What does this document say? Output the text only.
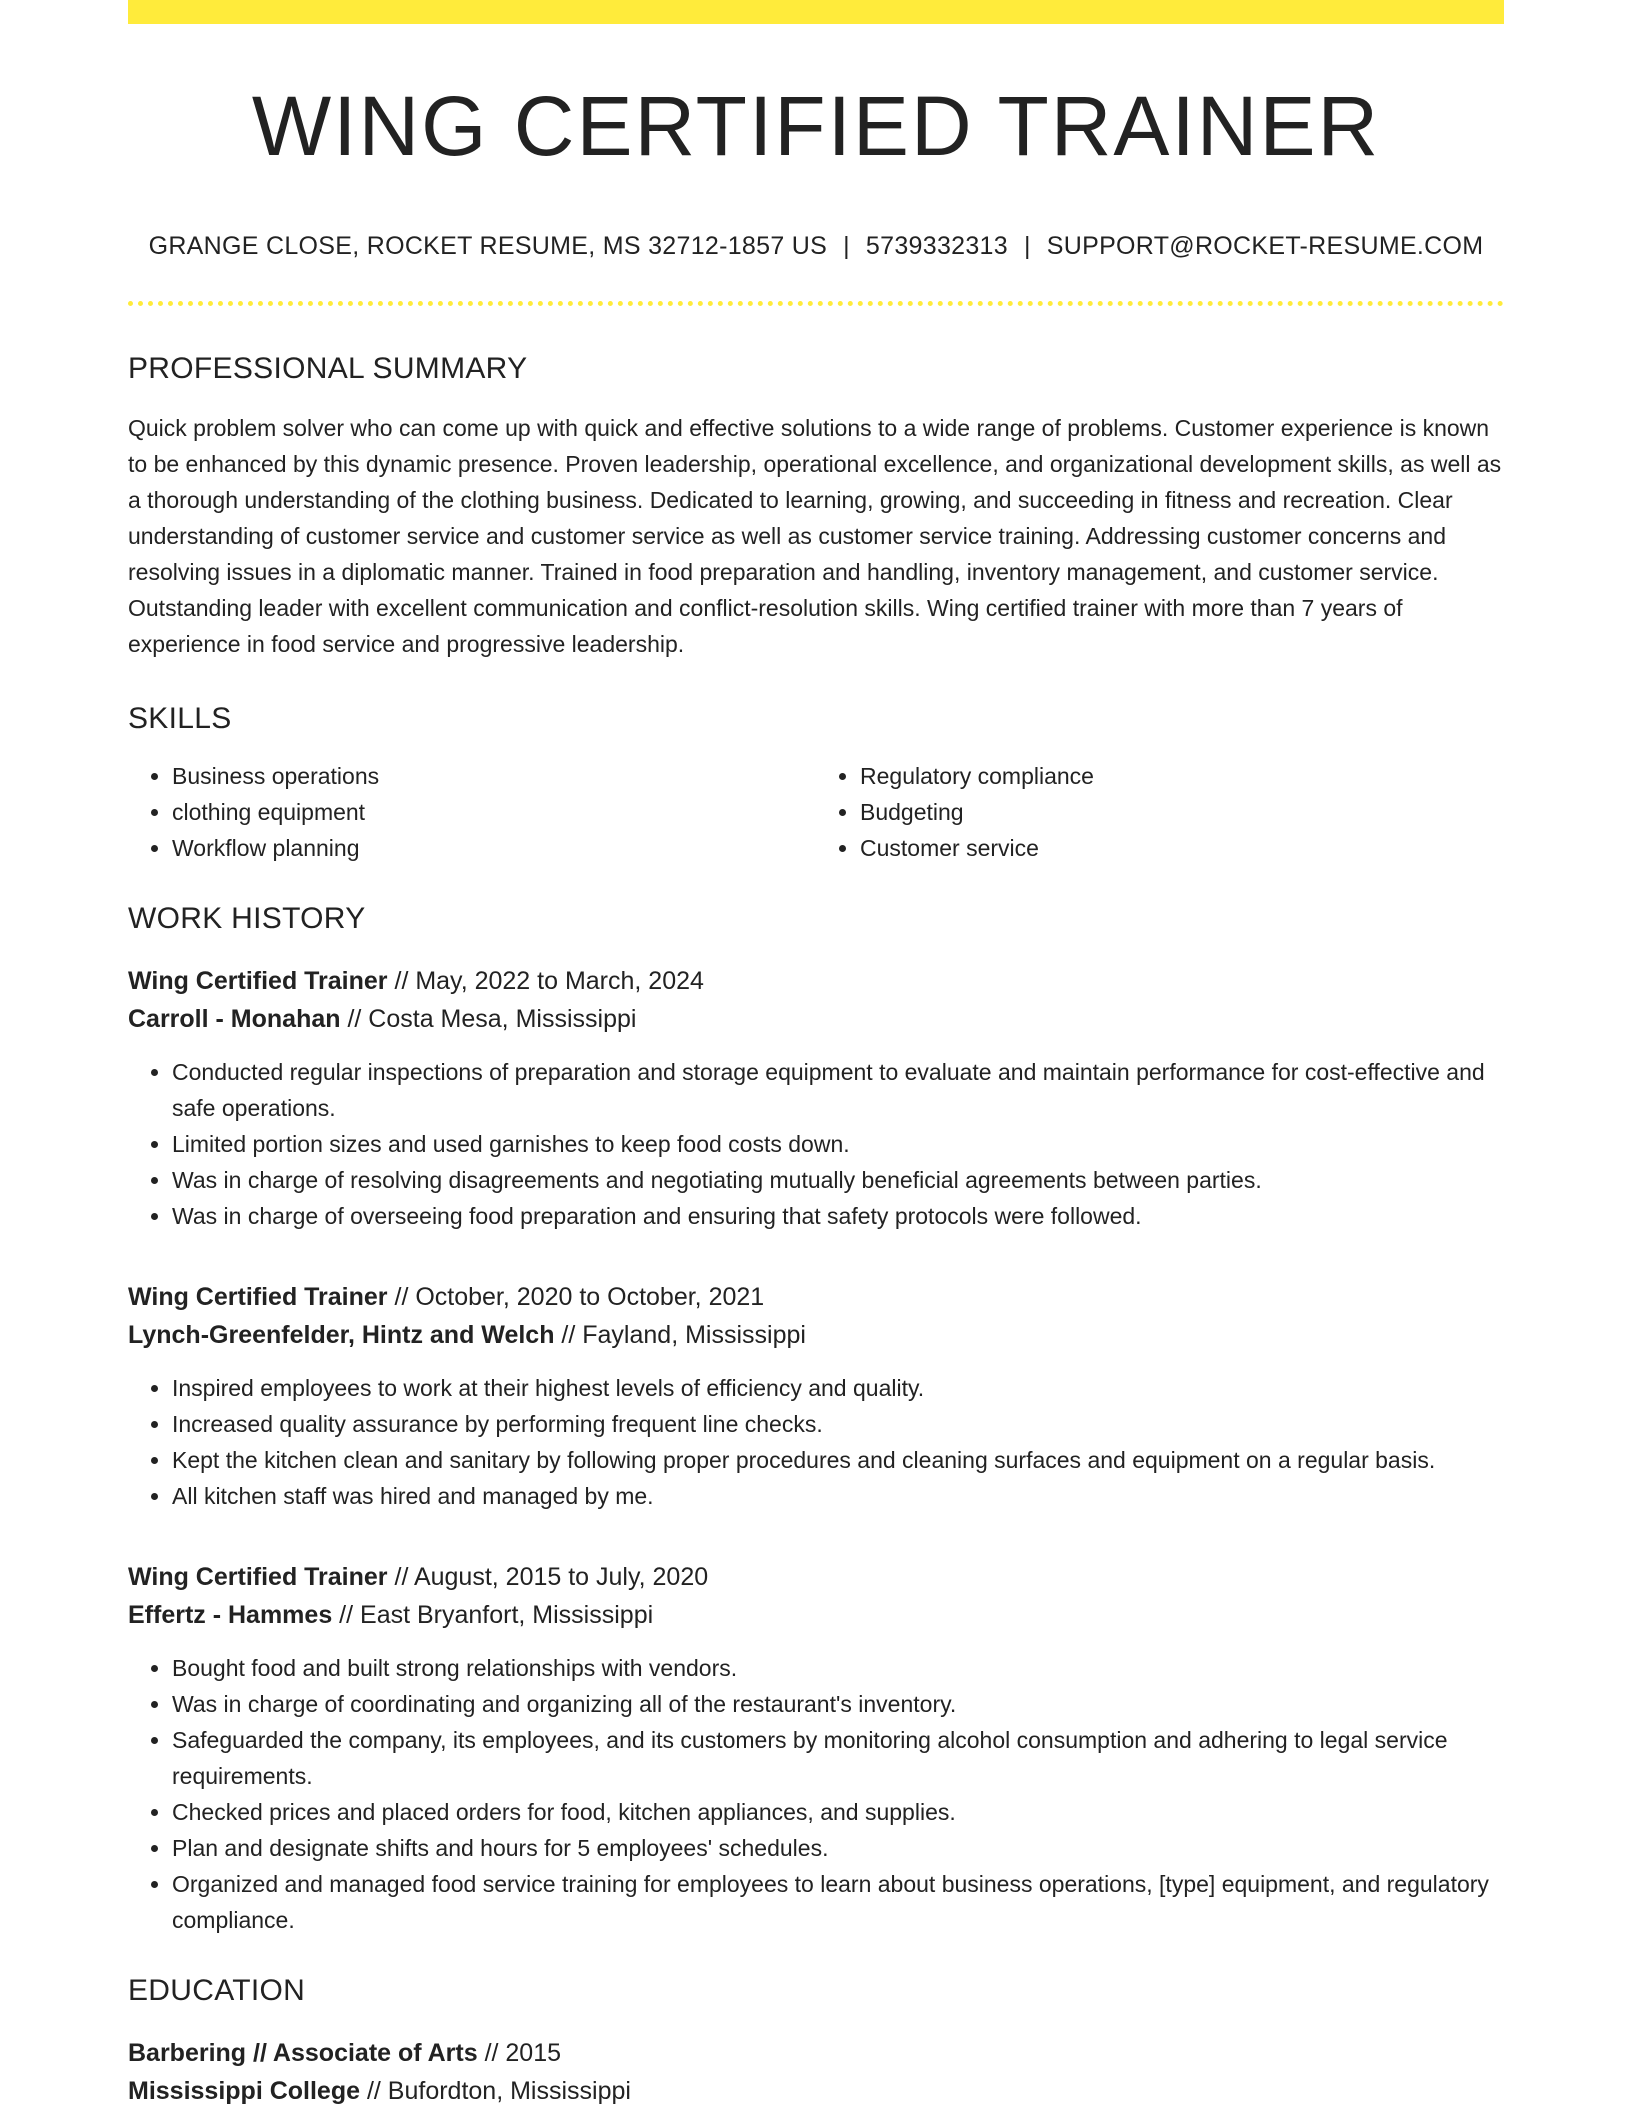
WING CERTIFIED TRAINER
GRANGE CLOSE, ROCKET RESUME, MS 32712-1857 US | 5739332313 | SUPPORT@ROCKET-RESUME.COM
PROFESSIONAL SUMMARY
Quick problem solver who can come up with quick and effective solutions to a wide range of problems. Customer experience is known to be enhanced by this dynamic presence. Proven leadership, operational excellence, and organizational development skills, as well as a thorough understanding of the clothing business. Dedicated to learning, growing, and succeeding in fitness and recreation. Clear understanding of customer service and customer service as well as customer service training. Addressing customer concerns and resolving issues in a diplomatic manner. Trained in food preparation and handling, inventory management, and customer service. Outstanding leader with excellent communication and conflict-resolution skills. Wing certified trainer with more than 7 years of experience in food service and progressive leadership.
SKILLS
• Business operations
• clothing equipment
• Workflow planning
• Regulatory compliance
• Budgeting
• Customer service
WORK HISTORY
Wing Certified Trainer // May, 2022 to March, 2024
Carroll - Monahan // Costa Mesa, Mississippi
• Conducted regular inspections of preparation and storage equipment to evaluate and maintain performance for cost-effective and safe operations.
• Limited portion sizes and used garnishes to keep food costs down.
• Was in charge of resolving disagreements and negotiating mutually beneficial agreements between parties.
• Was in charge of overseeing food preparation and ensuring that safety protocols were followed.
Wing Certified Trainer // October, 2020 to October, 2021
Lynch-Greenfelder, Hintz and Welch // Fayland, Mississippi
• Inspired employees to work at their highest levels of efficiency and quality.
• Increased quality assurance by performing frequent line checks.
• Kept the kitchen clean and sanitary by following proper procedures and cleaning surfaces and equipment on a regular basis.
• All kitchen staff was hired and managed by me.
Wing Certified Trainer // August, 2015 to July, 2020
Effertz - Hammes // East Bryanfort, Mississippi
• Bought food and built strong relationships with vendors.
• Was in charge of coordinating and organizing all of the restaurant's inventory.
• Safeguarded the company, its employees, and its customers by monitoring alcohol consumption and adhering to legal service requirements.
• Checked prices and placed orders for food, kitchen appliances, and supplies.
• Plan and designate shifts and hours for 5 employees' schedules.
• Organized and managed food service training for employees to learn about business operations, [type] equipment, and regulatory compliance.
EDUCATION
Barbering // Associate of Arts // 2015
Mississippi College // Bufordton, Mississippi
